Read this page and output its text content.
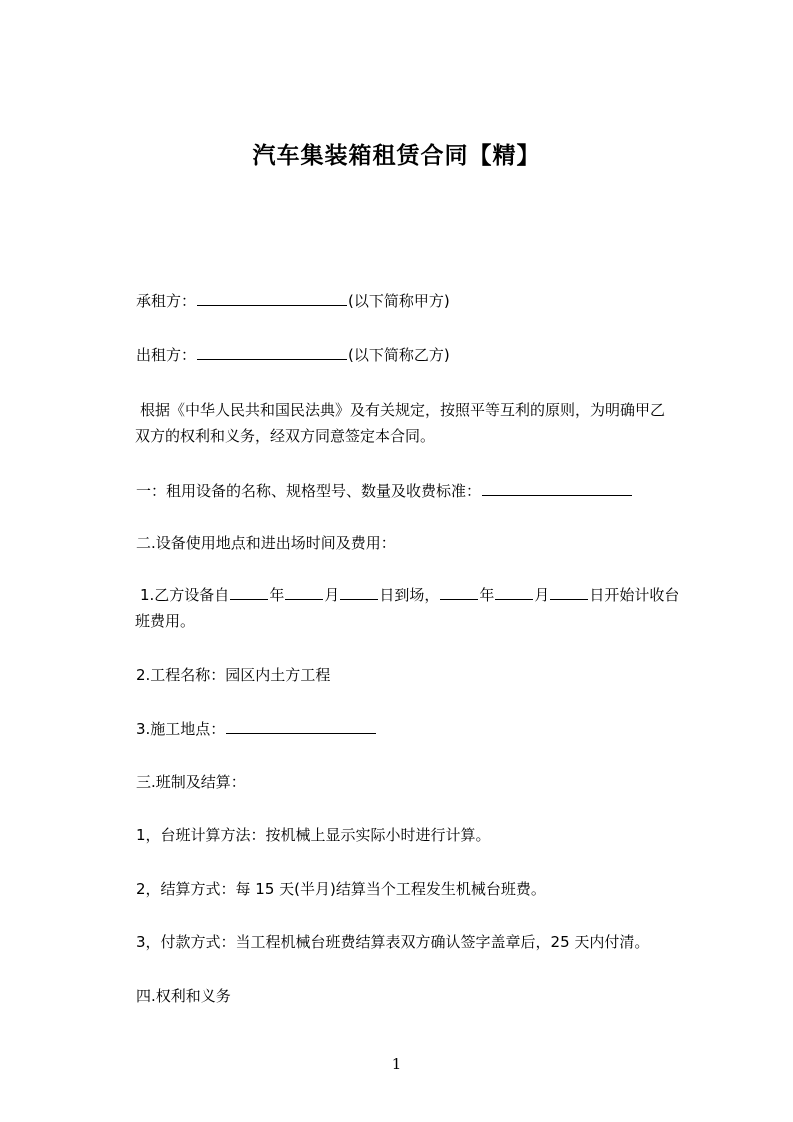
汽车集装箱租赁合同【精】
承租方：	(以下简称甲方)
出租方：	(以下简称乙方)
根据《中华人民共和国民法典》及有关规定，按照平等互利的原则，为明确甲乙
双方的权利和义务，经双方同意签定本合同。
一：租用设备的名称、规格型号、数量及收费标准：
二.设备使用地点和进出场时间及费用：
1.乙方设备自	年	月	日到场，	年	月	日开始计收台
班费用。
2.工程名称：园区内土方工程
3.施工地点：
三.班制及结算：
1，台班计算方法：按机械上显示实际小时进行计算。
2，结算方式：每 15 天(半月)结算当个工程发生机械台班费。
3，付款方式：当工程机械台班费结算表双方确认签字盖章后，25 天内付清。
四.权利和义务
1
